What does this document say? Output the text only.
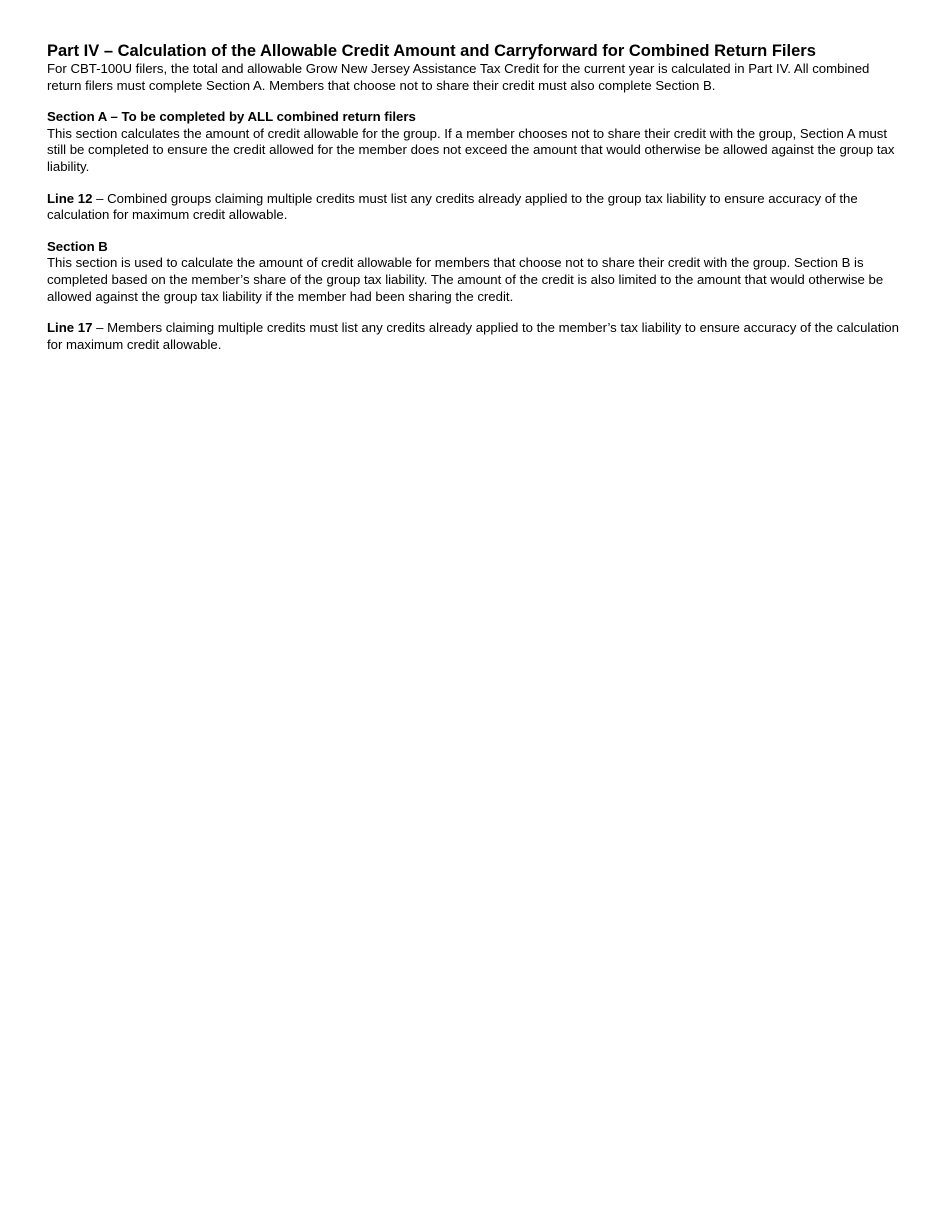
Part IV – Calculation of the Allowable Credit Amount and Carryforward for Combined Return Filers

For CBT-100U filers, the total and allowable Grow New Jersey Assistance Tax Credit for the current year is calculated in Part IV. All combined return filers must complete Section A. Members that choose not to share their credit must also complete Section B.

Section A – To be completed by ALL combined return filers

This section calculates the amount of credit allowable for the group. If a member chooses not to share their credit with the group, Section A must still be completed to ensure the credit allowed for the member does not exceed the amount that would otherwise be allowed against the group tax liability.

Line 12 – Combined groups claiming multiple credits must list any credits already applied to the group tax liability to ensure accuracy of the calculation for maximum credit allowable.

Section B

This section is used to calculate the amount of credit allowable for members that choose not to share their credit with the group. Section B is completed based on the member’s share of the group tax liability. The amount of the credit is also limited to the amount that would otherwise be allowed against the group tax liability if the member had been sharing the credit.

Line 17 – Members claiming multiple credits must list any credits already applied to the member’s tax liability to ensure accuracy of the calculation for maximum credit allowable.
